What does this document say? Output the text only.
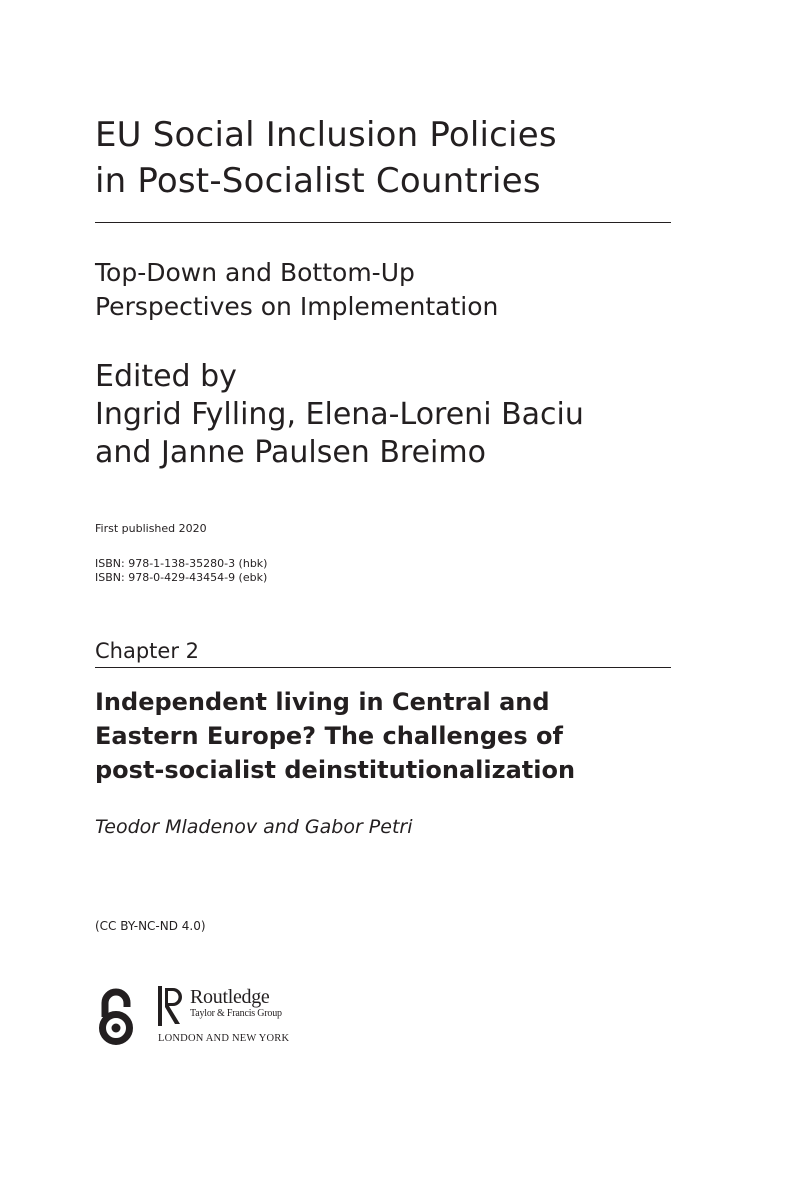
EU Social Inclusion Policies
in Post-Socialist Countries
Top-Down and Bottom-Up
Perspectives on Implementation
Edited by
Ingrid Fylling, Elena-Loreni Baciu
and Janne Paulsen Breimo
First published 2020
ISBN: 978-1-138-35280-3 (hbk)
ISBN: 978-0-429-43454-9 (ebk)
Chapter 2
Independent living in Central and
Eastern Europe? The challenges of
post-socialist deinstitutionalization
Teodor Mladenov and Gabor Petri
(CC BY-NC-ND 4.0)
Routledge
Taylor & Francis Group
LONDON AND NEW YORK
